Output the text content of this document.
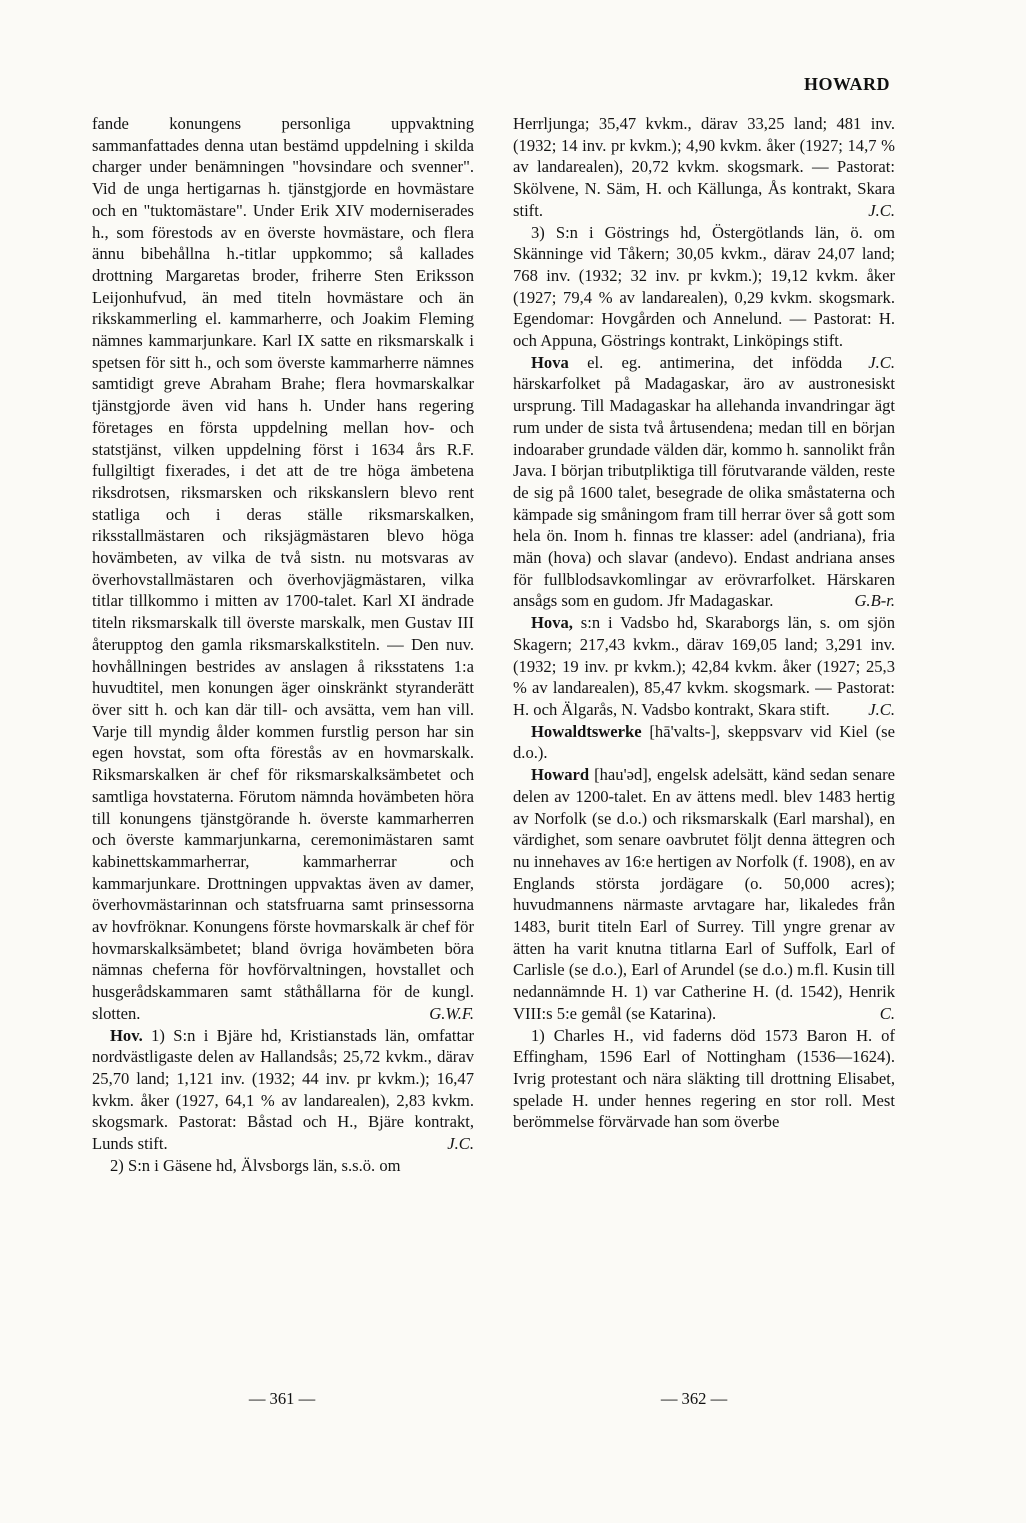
HOWARD

fande konungens personliga uppvaktning sammanfattades denna utan bestämd uppdelning i skilda charger under benämningen "hovsindare och svenner". Vid de unga hertigarnas h. tjänstgjorde en hovmästare och en "tuktomästare". Under Erik XIV moderniserades h., som förestods av en överste hovmästare, och flera ännu bibehållna h.-titlar uppkommo; så kallades drottning Margaretas broder, friherre Sten Eriksson Leijonhufvud, än med titeln hovmästare och än rikskammerling el. kammarherre, och Joakim Fleming nämnes kammarjunkare. Karl IX satte en riksmarskalk i spetsen för sitt h., och som överste kammarherre nämnes samtidigt greve Abraham Brahe; flera hovmarskalkar tjänstgjorde även vid hans h. Under hans regering företages en första uppdelning mellan hov- och statstjänst, vilken uppdelning först i 1634 års R.F. fullgiltigt fixerades, i det att de tre höga ämbetena riksdrotsen, riksmarsken och rikskanslern blevo rent statliga och i deras ställe riksmarskalken, riksstallmästaren och riksjägmästaren blevo höga hovämbeten, av vilka de två sistn. nu motsvaras av överhovstallmästaren och överhovjägmästaren, vilka titlar tillkommo i mitten av 1700-talet. Karl XI ändrade titeln riksmarskalk till överste marskalk, men Gustav III återupptog den gamla riksmarskalkstiteln. — Den nuv. hovhållningen bestrides av anslagen å riksstatens 1:a huvudtitel, men konungen äger oinskränkt styranderätt över sitt h. och kan där till- och avsätta, vem han vill. Varje till myndig ålder kommen furstlig person har sin egen hovstat, som ofta förestås av en hovmarskalk. Riksmarskalken är chef för riksmarskalksämbetet och samtliga hovstaterna. Förutom nämnda hovämbeten höra till konungens tjänstgörande h. överste kammarherren och överste kammarjunkarna, ceremonimästaren samt kabinettskammarherrar, kammarherrar och kammarjunkare. Drottningen uppvaktas även av damer, överhovmästarinnan och statsfruarna samt prinsessorna av hovfröknar. Konungens förste hovmarskalk är chef för hovmarskalksämbetet; bland övriga hovämbeten böra nämnas cheferna för hovförvaltningen, hovstallet och husgerådskammaren samt ståthållarna för de kungl. slotten.	G.W.F.

Hov. 1) S:n i Bjäre hd, Kristianstads län, omfattar nordvästligaste delen av Hallandsås; 25,72 kvkm., därav 25,70 land; 1,121 inv. (1932; 44 inv. pr kvkm.); 16,47 kvkm. åker (1927, 64,1 % av landarealen), 2,83 kvkm. skogsmark. Pastorat: Båstad och H., Bjäre kontrakt, Lunds stift.	J.C.

2) S:n i Gäsene hd, Älvsborgs län, s.s.ö. om

Herrljunga; 35,47 kvkm., därav 33,25 land; 481 inv. (1932; 14 inv. pr kvkm.); 4,90 kvkm. åker (1927; 14,7 % av landarealen), 20,72 kvkm. skogsmark. — Pastorat: Skölvene, N. Säm, H. och Källunga, Ås kontrakt, Skara stift.	J.C.

3) S:n i Göstrings hd, Östergötlands län, ö. om Skänninge vid Tåkern; 30,05 kvkm., därav 24,07 land; 768 inv. (1932; 32 inv. pr kvkm.); 19,12 kvkm. åker (1927; 79,4 % av landarealen), 0,29 kvkm. skogsmark. Egendomar: Hovgården och Annelund. — Pastorat: H. och Appuna, Göstrings kontrakt, Linköpings stift.
J.C.

Hova el. eg. antimerina, det infödda härskarfolket på Madagaskar, äro av austronesiskt ursprung. Till Madagaskar ha allehanda invandringar ägt rum under de sista två årtusendena; medan till en början indoaraber grundade välden där, kommo h. sannolikt från Java. I början tributpliktiga till förutvarande välden, reste de sig på 1600 talet, besegrade de olika småstaterna och kämpade sig småningom fram till herrar över så gott som hela ön. Inom h. finnas tre klasser: adel (andriana), fria män (hova) och slavar (andevo). Endast andriana anses för fullblodsavkomlingar av erövrarfolket. Härskaren ansågs som en gudom. Jfr Madagaskar.	G.B-r.

Hova, s:n i Vadsbo hd, Skaraborgs län, s. om sjön Skagern; 217,43 kvkm., därav 169,05 land; 3,291 inv. (1932; 19 inv. pr kvkm.); 42,84 kvkm. åker (1927; 25,3 % av landarealen), 85,47 kvkm. skogsmark. — Pastorat: H. och Älgarås, N. Vadsbo kontrakt, Skara stift.	J.C.

Howaldtswerke [hā'valts-], skeppsvarv vid Kiel (se d.o.).

Howard [hau'əd], engelsk adelsätt, känd sedan senare delen av 1200-talet. En av ättens medl. blev 1483 hertig av Norfolk (se d.o.) och riksmarskalk (Earl marshal), en värdighet, som senare oavbrutet följt denna ättegren och nu innehaves av 16:e hertigen av Norfolk (f. 1908), en av Englands största jordägare (o. 50,000 acres); huvudmannens närmaste arvtagare har, likaledes från 1483, burit titeln Earl of Surrey. Till yngre grenar av ätten ha varit knutna titlarna Earl of Suffolk, Earl of Carlisle (se d.o.), Earl of Arundel (se d.o.) m.fl. Kusin till nedannämnde H. 1) var Catherine H. (d. 1542), Henrik VIII:s 5:e gemål (se Katarina).	C.

1) Charles H., vid faderns död 1573 Baron H. of Effingham, 1596 Earl of Nottingham (1536—1624). Ivrig protestant och nära släkting till drottning Elisabet, spelade H. under hennes regering en stor roll. Mest berömmelse förvärvade han som överbe

— 361 —	— 362 —
